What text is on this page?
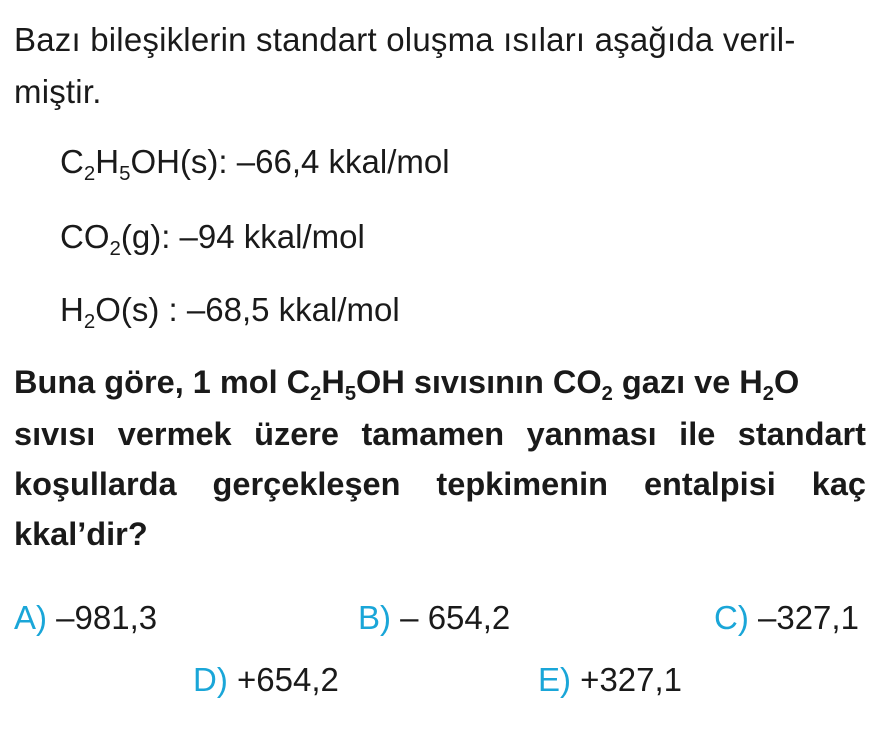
Bazı bileşiklerin standart oluşma ısıları aşağıda veril-
miştir.
$C_2H_5OH(s)$: –66,4 kkal/mol
$CO_2(g)$: –94 kkal/mol
$H_2O(s)$ : –68,5 kkal/mol
Buna göre, 1 mol $C_2H_5OH$ sıvısının $CO_2$ gazı ve $H_2O$
sıvısı vermek üzere tamamen yanması ile standart
koşullarda gerçekleşen tepkimenin entalpisi kaç
kkal’dir?
A) –981,3	B) – 654,2	C) –327,1
D) +654,2	E) +327,1
